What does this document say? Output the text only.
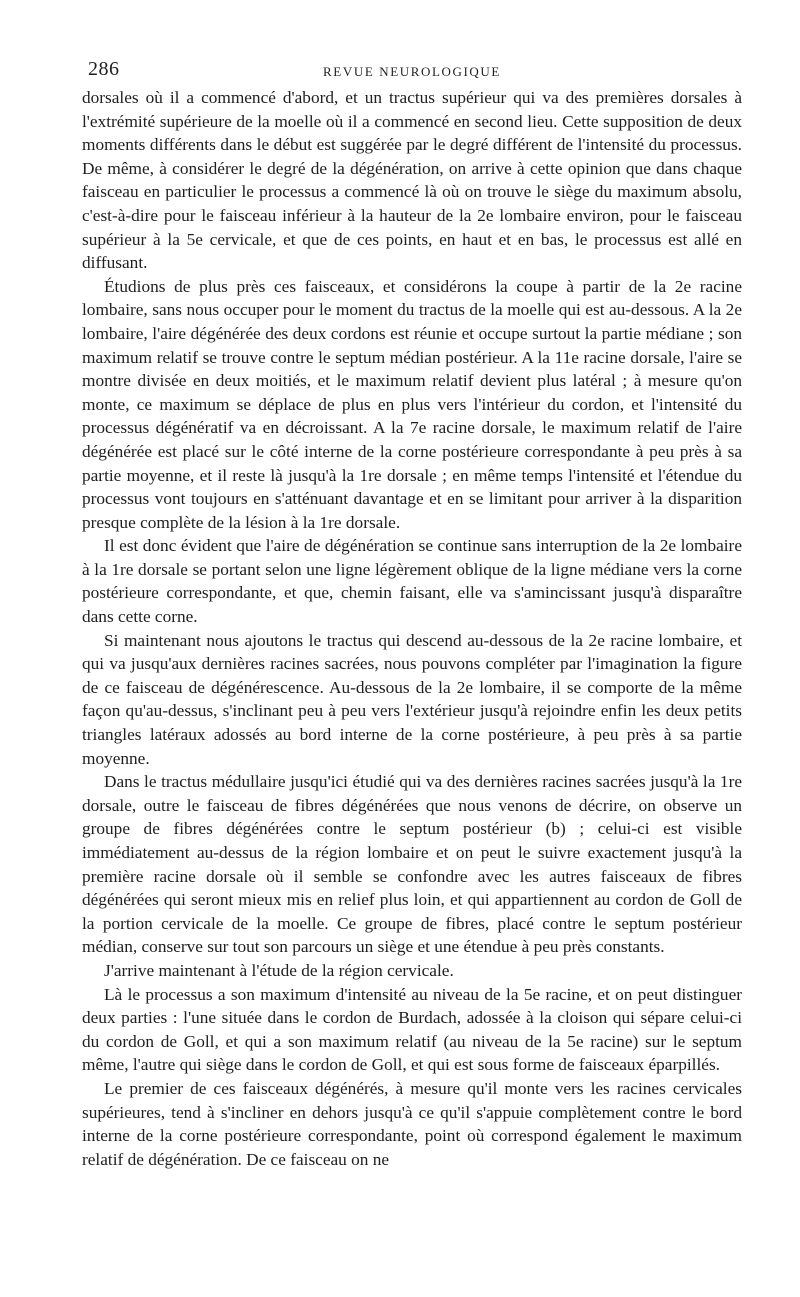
286	REVUE NEUROLOGIQUE

dorsales où il a commencé d'abord, et un tractus supérieur qui va des premières dorsales à l'extrémité supérieure de la moelle où il a commencé en second lieu. Cette supposition de deux moments différents dans le début est suggérée par le degré différent de l'intensité du processus. De même, à considérer le degré de la dégénération, on arrive à cette opinion que dans chaque faisceau en particulier le processus a commencé là où on trouve le siège du maximum absolu, c'est-à-dire pour le faisceau inférieur à la hauteur de la 2e lombaire environ, pour le faisceau supérieur à la 5e cervicale, et que de ces points, en haut et en bas, le processus est allé en diffusant.

Étudions de plus près ces faisceaux, et considérons la coupe à partir de la 2e racine lombaire, sans nous occuper pour le moment du tractus de la moelle qui est au-dessous. A la 2e lombaire, l'aire dégénérée des deux cordons est réunie et occupe surtout la partie médiane ; son maximum relatif se trouve contre le septum médian postérieur. A la 11e racine dorsale, l'aire se montre divisée en deux moitiés, et le maximum relatif devient plus latéral ; à mesure qu'on monte, ce maximum se déplace de plus en plus vers l'intérieur du cordon, et l'intensité du processus dégénératif va en décroissant. A la 7e racine dorsale, le maximum relatif de l'aire dégénérée est placé sur le côté interne de la corne postérieure correspondante à peu près à sa partie moyenne, et il reste là jusqu'à la 1re dorsale ; en même temps l'intensité et l'étendue du processus vont toujours en s'atténuant davantage et en se limitant pour arriver à la disparition presque complète de la lésion à la 1re dorsale.

Il est donc évident que l'aire de dégénération se continue sans interruption de la 2e lombaire à la 1re dorsale se portant selon une ligne légèrement oblique de la ligne médiane vers la corne postérieure correspondante, et que, chemin faisant, elle va s'amincissant jusqu'à disparaître dans cette corne.

Si maintenant nous ajoutons le tractus qui descend au-dessous de la 2e racine lombaire, et qui va jusqu'aux dernières racines sacrées, nous pouvons compléter par l'imagination la figure de ce faisceau de dégénérescence. Au-dessous de la 2e lombaire, il se comporte de la même façon qu'au-dessus, s'inclinant peu à peu vers l'extérieur jusqu'à rejoindre enfin les deux petits triangles latéraux adossés au bord interne de la corne postérieure, à peu près à sa partie moyenne.

Dans le tractus médullaire jusqu'ici étudié qui va des dernières racines sacrées jusqu'à la 1re dorsale, outre le faisceau de fibres dégénérées que nous venons de décrire, on observe un groupe de fibres dégénérées contre le septum postérieur (b) ; celui-ci est visible immédiatement au-dessus de la région lombaire et on peut le suivre exactement jusqu'à la première racine dorsale où il semble se confondre avec les autres faisceaux de fibres dégénérées qui seront mieux mis en relief plus loin, et qui appartiennent au cordon de Goll de la portion cervicale de la moelle. Ce groupe de fibres, placé contre le septum postérieur médian, conserve sur tout son parcours un siège et une étendue à peu près constants.

J'arrive maintenant à l'étude de la région cervicale.

Là le processus a son maximum d'intensité au niveau de la 5e racine, et on peut distinguer deux parties : l'une située dans le cordon de Burdach, adossée à la cloison qui sépare celui-ci du cordon de Goll, et qui a son maximum relatif (au niveau de la 5e racine) sur le septum même, l'autre qui siège dans le cordon de Goll, et qui est sous forme de faisceaux éparpillés.

Le premier de ces faisceaux dégénérés, à mesure qu'il monte vers les racines cervicales supérieures, tend à s'incliner en dehors jusqu'à ce qu'il s'appuie complètement contre le bord interne de la corne postérieure correspondante, point où correspond également le maximum relatif de dégénération. De ce faisceau on ne
